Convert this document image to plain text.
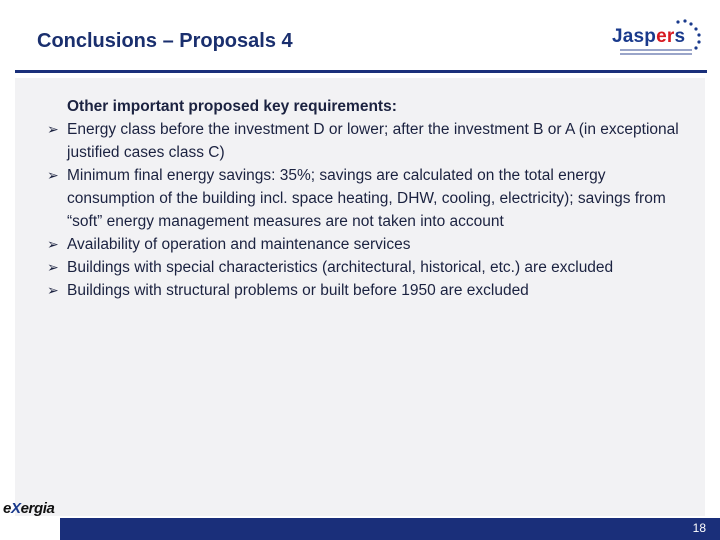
Conclusions – Proposals 4	Jaspers
Other important proposed key requirements:
➢ Energy class before the investment D or lower; after the investment B or A (in exceptional justified cases class C)
➢ Minimum final energy savings: 35%; savings are calculated on the total energy consumption of the building incl. space heating, DHW, cooling, electricity); savings from “soft” energy management measures are not taken into account
➢ Availability of operation and maintenance services
➢ Buildings with special characteristics (architectural, historical, etc.) are excluded
➢ Buildings with structural problems or built before 1950 are excluded
eXergia
18
